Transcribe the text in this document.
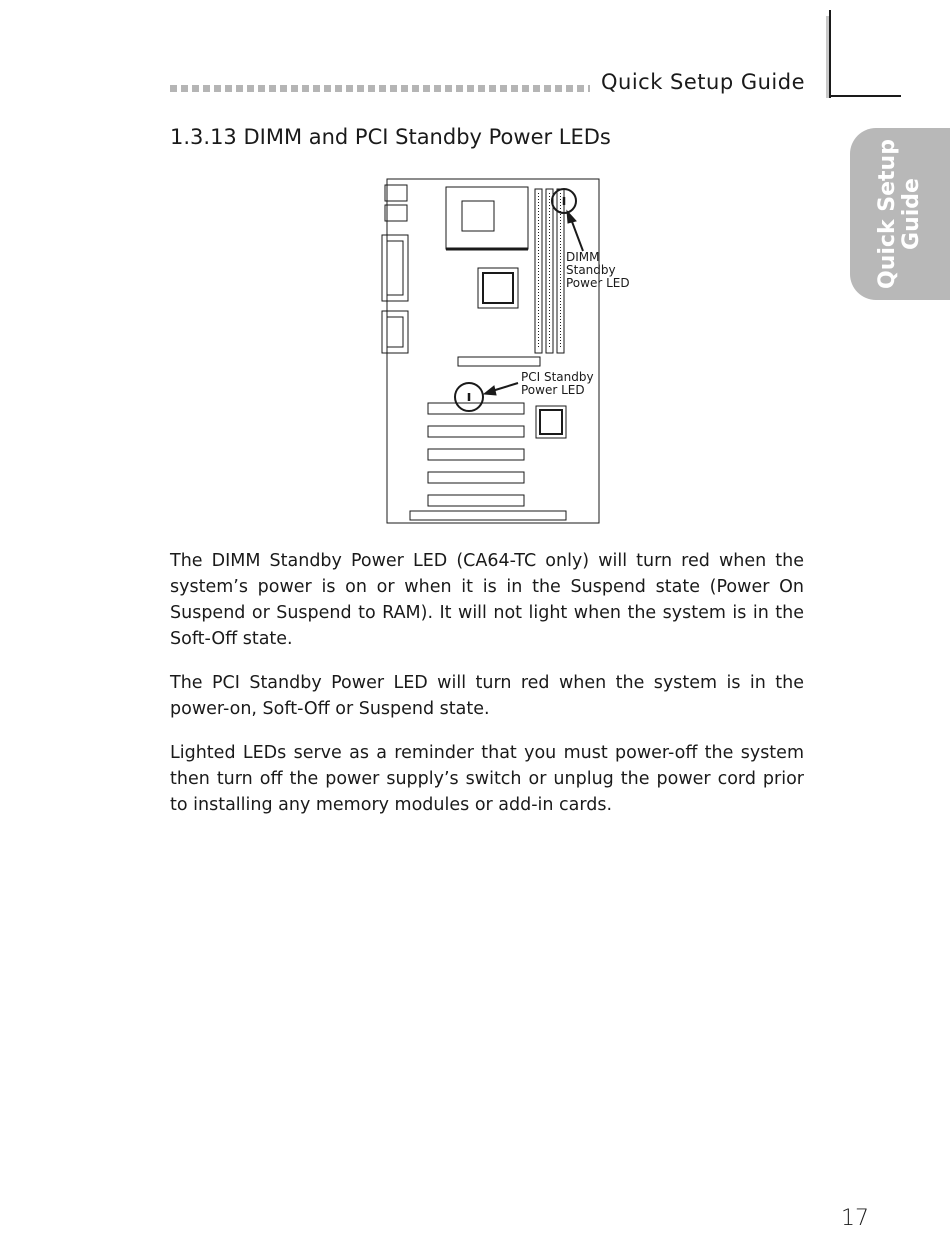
Quick Setup Guide
Quick Setup Guide
1.3.13 DIMM and PCI Standby Power LEDs
DIMM
Standby
Power LED
PCI Standby
Power LED
The DIMM Standby Power LED (CA64-TC only) will turn red when the system’s power is on or when it is in the Suspend state (Power On Suspend or Suspend to RAM). It will not light when the system is in the Soft-Off state.
The PCI Standby Power LED will turn red when the system is in the power-on, Soft-Off or Suspend state.
Lighted LEDs serve as a reminder that you must power-off the system then turn off the power supply’s switch or unplug the power cord prior to installing any memory modules or add-in cards.
17
